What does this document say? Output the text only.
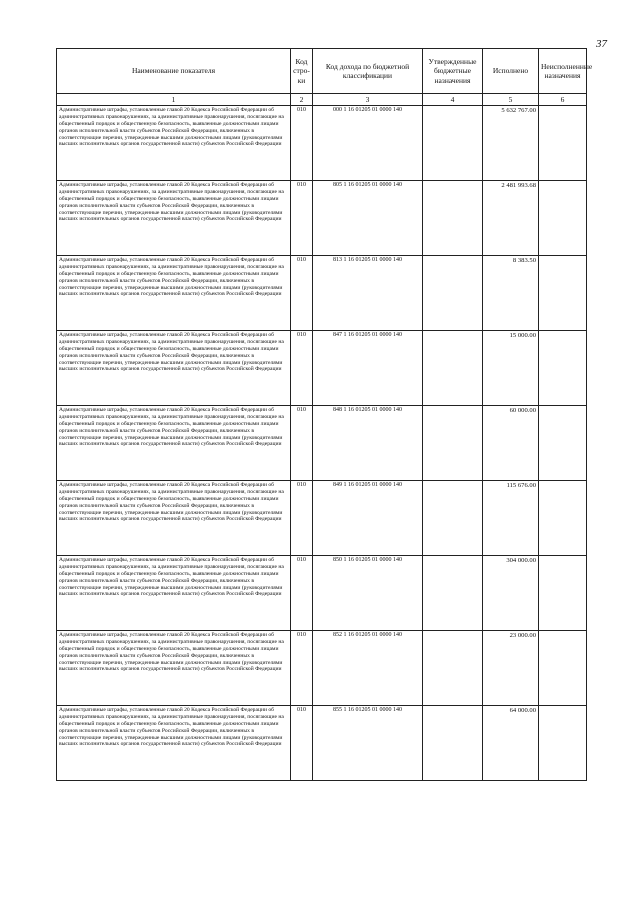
37
Наименование показателя	Код стро-ки	Код дохода по бюджетной классификации	Утвержденные бюджетные назначения	Исполнено	Неисполненные назначения
1	2	3	4	5	6
Административные штрафы, установленные главой 20 Кодекса Российской Федерации об административных правонарушениях, за административные правонарушения, посягающие на общественный порядок и общественную безопасность, выявленные должностными лицами органов исполнительной власти субъектов Российской Федерации, включенных в соответствующие перечни, утвержденные высшими должностными лицами (руководителями высших исполнительных органов государственной власти) субъектов Российской Федерации	010	000 1 16 01205 01 0000 140		5 632 767.00	
Административные штрафы, установленные главой 20 Кодекса Российской Федерации об административных правонарушениях, за административные правонарушения, посягающие на общественный порядок и общественную безопасность, выявленные должностными лицами органов исполнительной власти субъектов Российской Федерации, включенных в соответствующие перечни, утвержденные высшими должностными лицами (руководителями высших исполнительных органов государственной власти) субъектов Российской Федерации	010	805 1 16 01205 01 0000 140		2 481 993.68	
Административные штрафы, установленные главой 20 Кодекса Российской Федерации об административных правонарушениях, за административные правонарушения, посягающие на общественный порядок и общественную безопасность, выявленные должностными лицами органов исполнительной власти субъектов Российской Федерации, включенных в соответствующие перечни, утвержденные высшими должностными лицами (руководителями высших исполнительных органов государственной власти) субъектов Российской Федерации	010	813 1 16 01205 01 0000 140		8 383.50	
Административные штрафы, установленные главой 20 Кодекса Российской Федерации об административных правонарушениях, за административные правонарушения, посягающие на общественный порядок и общественную безопасность, выявленные должностными лицами органов исполнительной власти субъектов Российской Федерации, включенных в соответствующие перечни, утвержденные высшими должностными лицами (руководителями высших исполнительных органов государственной власти) субъектов Российской Федерации	010	847 1 16 01205 01 0000 140		15 000.00	
Административные штрафы, установленные главой 20 Кодекса Российской Федерации об административных правонарушениях, за административные правонарушения, посягающие на общественный порядок и общественную безопасность, выявленные должностными лицами органов исполнительной власти субъектов Российской Федерации, включенных в соответствующие перечни, утвержденные высшими должностными лицами (руководителями высших исполнительных органов государственной власти) субъектов Российской Федерации	010	848 1 16 01205 01 0000 140		60 000.00	
Административные штрафы, установленные главой 20 Кодекса Российской Федерации об административных правонарушениях, за административные правонарушения, посягающие на общественный порядок и общественную безопасность, выявленные должностными лицами органов исполнительной власти субъектов Российской Федерации, включенных в соответствующие перечни, утвержденные высшими должностными лицами (руководителями высших исполнительных органов государственной власти) субъектов Российской Федерации	010	849 1 16 01205 01 0000 140		115 676.00	
Административные штрафы, установленные главой 20 Кодекса Российской Федерации об административных правонарушениях, за административные правонарушения, посягающие на общественный порядок и общественную безопасность, выявленные должностными лицами органов исполнительной власти субъектов Российской Федерации, включенных в соответствующие перечни, утвержденные высшими должностными лицами (руководителями высших исполнительных органов государственной власти) субъектов Российской Федерации	010	850 1 16 01205 01 0000 140		304 000.00	
Административные штрафы, установленные главой 20 Кодекса Российской Федерации об административных правонарушениях, за административные правонарушения, посягающие на общественный порядок и общественную безопасность, выявленные должностными лицами органов исполнительной власти субъектов Российской Федерации, включенных в соответствующие перечни, утвержденные высшими должностными лицами (руководителями высших исполнительных органов государственной власти) субъектов Российской Федерации	010	852 1 16 01205 01 0000 140		23 000.00	
Административные штрафы, установленные главой 20 Кодекса Российской Федерации об административных правонарушениях, за административные правонарушения, посягающие на общественный порядок и общественную безопасность, выявленные должностными лицами органов исполнительной власти субъектов Российской Федерации, включенных в соответствующие перечни, утвержденные высшими должностными лицами (руководителями высших исполнительных органов государственной власти) субъектов Российской Федерации	010	855 1 16 01205 01 0000 140		64 000.00	
